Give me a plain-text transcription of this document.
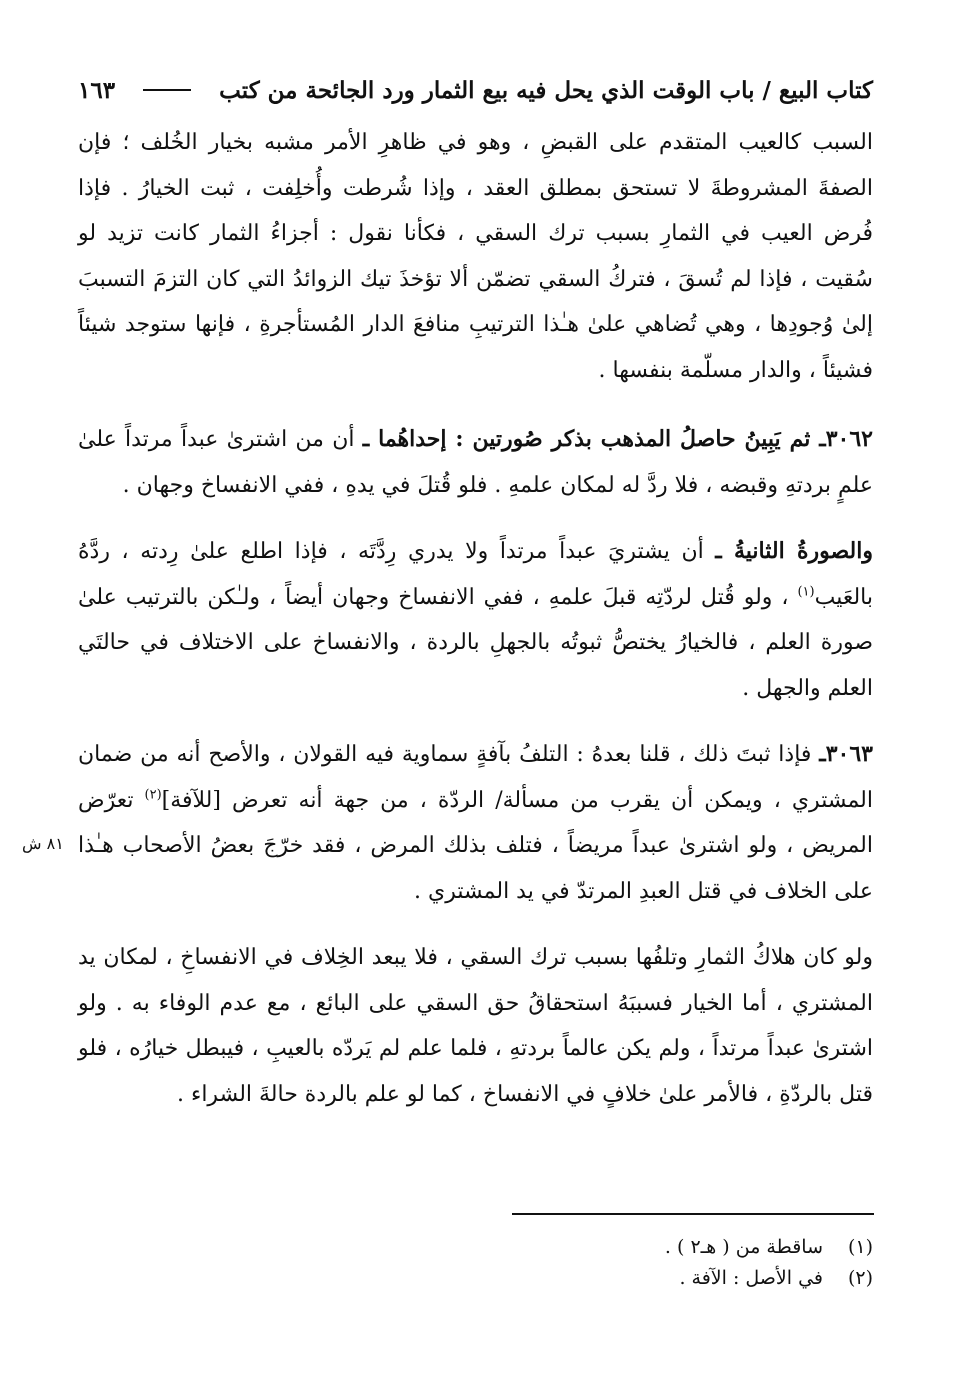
كتاب البيع / باب الوقت الذي يحل فيه بيع الثمار ورد الجائحة من كتب
١٦٣

السبب كالعيب المتقدم على القبضِ ، وهو في ظاهرِ الأمر مشبه بخيار الخُلف ؛ فإن الصفةَ المشروطةَ لا تستحق بمطلق العقد ، وإذا شُرطت وأُخلِفت ، ثبت الخيارُ . فإذا فُرض العيب في الثمارِ بسبب ترك السقي ، فكأنا نقول : أجزاءُ الثمار كانت تزيد لو سُقيت ، فإذا لم تُسقَ ، فتركُ السقي تضمّن ألا تؤخذَ تيك الزوائدُ التي كان التزمَ التسببَ إلىٰ وُجودِها ، وهي تُضاهي علىٰ هـٰذا الترتيبِ منافعَ الدار المُستأجرةِ ، فإنها ستوجد شيئاً فشيئاً ، والدار مسلّمة بنفسها .

٣٠٦٢ـ ثم يَبِينُ حاصلُ المذهب بذكر صُورتين : إحداهُما ـ أن من اشترىٰ عبداً مرتداً علىٰ علمٍ بردتهِ وقبضه ، فلا ردَّ له لمكان علمهِ . فلو قُتلَ في يدهِ ، ففي الانفساخ وجهان .

والصورةُ الثانيةُ ـ أن يشتريَ عبداً مرتداً ولا يدري رِدَّتَه ، فإذا اطلع علىٰ رِدته ، ردَّهُ بالعَيب$^{(١)}$ ، ولو قُتل لردّتِه قبلَ علمهِ ، ففي الانفساخ وجهان أيضاً ، ولـٰكن بالترتيب علىٰ صورة العلم ، فالخيارُ يختصُّ ثبوتُه بالجهلِ بالردة ، والانفساخ على الاختلاف في حالتَي العلم والجهل .

٣٠٦٣ـ فإذا ثبتَ ذلك ، قلنا بعدهُ : التلفُ بآفةٍ سماوية فيه القولان ، والأصح أنه من ضمان المشتري ، ويمكن أن يقرب من مسألة/ الردّة ، من جهة أنه تعرض [للآفة]$^{(٢)}$ تعرّض المريض ، ولو اشترىٰ عبداً مريضاً ، فتلف بذلك المرض ، فقد خرّجَ بعضُ الأصحاب هـٰذا على الخلاف في قتل العبدِ المرتدّ في يد المشتري .

ولو كان هلاكُ الثمارِ وتلفُها بسبب ترك السقي ، فلا يبعد الخِلاف في الانفساخِ ، لمكان يد المشتري ، أما الخيار فسببَهُ استحقاقُ حق السقي على البائع ، مع عدم الوفاء به . ولو اشترىٰ عبداً مرتداً ، ولم يكن عالماً بردتهِ ، فلما علم لم يَردّه بالعيبِ ، فيبطل خيارُه ، فلو قتل بالردّةِ ، فالأمر علىٰ خلافٍ في الانفساخ ، كما لو علم بالردة حالةَ الشراء .

٨١ ش
(١)
ساقطة من ( هـ٢ ) .
(٢)
في الأصل : الآفة .
